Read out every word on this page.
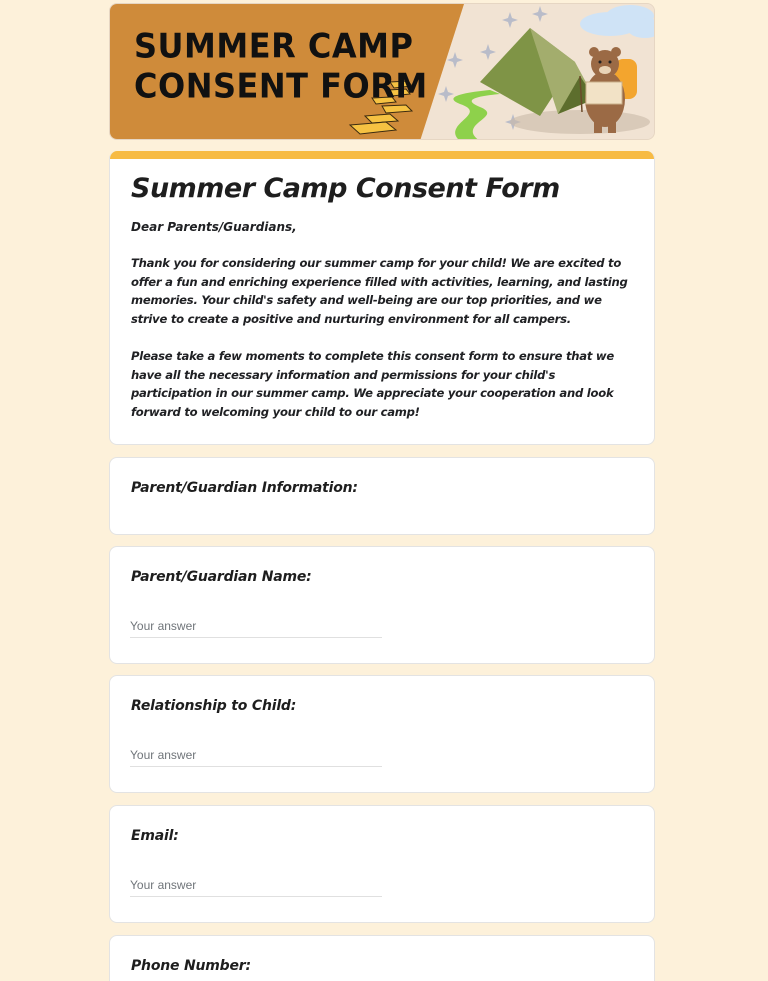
SUMMER CAMP
CONSENT FORM
Summer Camp Consent Form
Dear Parents/Guardians,

Thank you for considering our summer camp for your child! We are excited to offer a fun and enriching experience filled with activities, learning, and lasting memories. Your child's safety and well-being are our top priorities, and we strive to create a positive and nurturing environment for all campers.

Please take a few moments to complete this consent form to ensure that we have all the necessary information and permissions for your child's participation in our summer camp. We appreciate your cooperation and look forward to welcoming your child to our camp!

Parent/Guardian Information:
Parent/Guardian Name:
Your answer
Relationship to Child:
Your answer
Email:
Your answer
Phone Number:
